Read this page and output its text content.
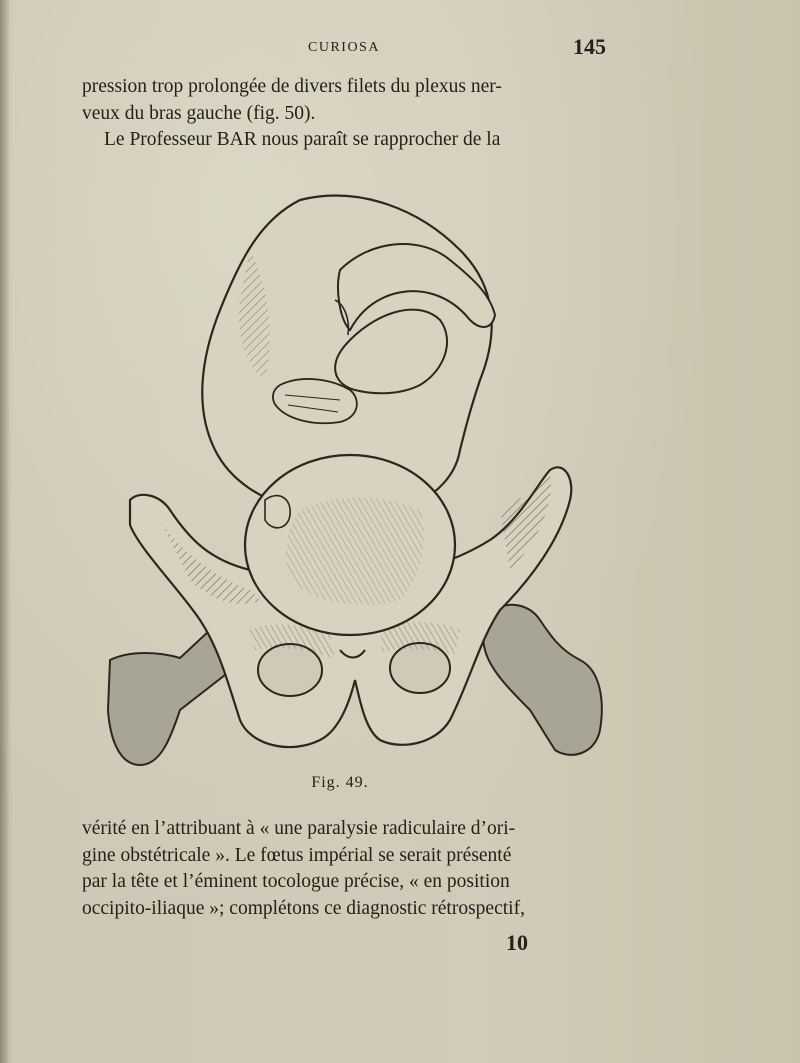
CURIOSA	145

pression trop prolongée de divers filets du plexus ner-
veux du bras gauche (fig. 50).
Le Professeur BAR nous paraît se rapprocher de la

Fig. 49.

vérité en l’attribuant à « une paralysie radiculaire d’ori-
gine obstétricale ». Le fœtus impérial se serait présenté
par la tête et l’éminent tocologue précise, « en position
occipito-iliaque »; complétons ce diagnostic rétrospectif,

10
